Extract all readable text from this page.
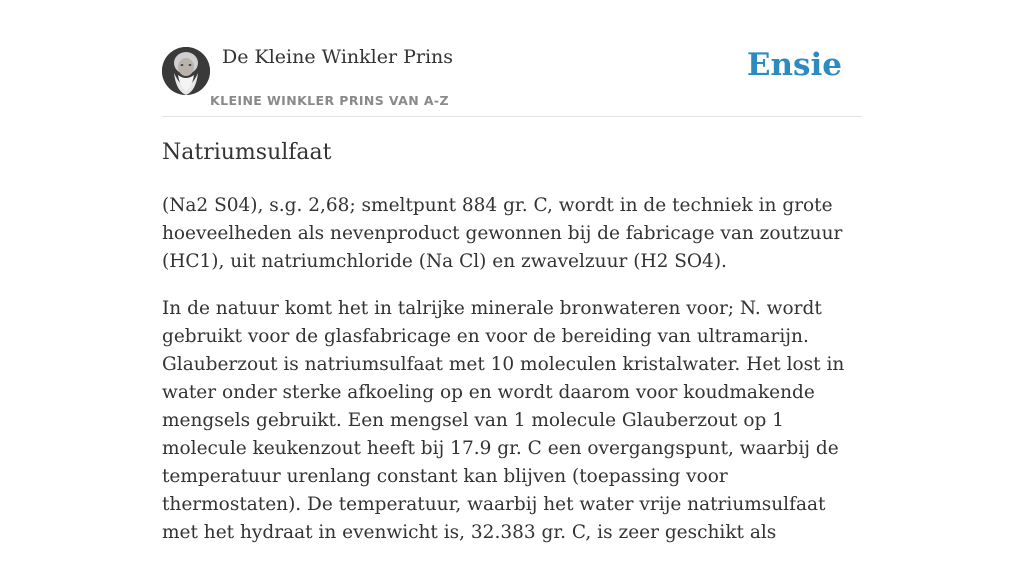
De Kleine Winkler Prins
KLEINE WINKLER PRINS VAN A-Z
Ensie
Natriumsulfaat

(Na2 S04), s.g. 2,68; smeltpunt 884 gr. C, wordt in de techniek in grote hoeveelheden als nevenproduct gewonnen bij de fabricage van zoutzuur (HC1), uit natriumchloride (Na Cl) en zwavelzuur (H2 SO4).

In de natuur komt het in talrijke minerale bronwateren voor; N. wordt gebruikt voor de glasfabricage en voor de bereiding van ultramarijn. Glauberzout is natriumsulfaat met 10 moleculen kristalwater. Het lost in water onder sterke afkoeling op en wordt daarom voor koudmakende mengsels gebruikt. Een mengsel van 1 molecule Glauberzout op 1 molecule keukenzout heeft bij 17.9 gr. C een overgangspunt, waarbij de temperatuur urenlang constant kan blijven (toepassing voor thermostaten). De temperatuur, waarbij het water vrije natriumsulfaat met het hydraat in evenwicht is, 32.383 gr. C, is zeer geschikt als
